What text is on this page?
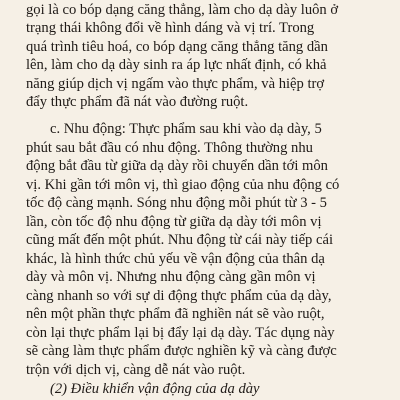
gọi là co bóp dạng căng thẳng, làm cho dạ dày luôn ở
trạng thái không đổi về hình dáng và vị trí. Trong
quá trình tiêu hoá, co bóp dạng căng thẳng tăng dần
lên, làm cho dạ dày sinh ra áp lực nhất định, có khả
năng giúp dịch vị ngấm vào thực phẩm, và hiệp trợ
đẩy thực phẩm đã nát vào đường ruột.
c. Nhu động: Thực phẩm sau khi vào dạ dày, 5
phút sau bắt đầu có nhu động. Thông thường nhu
động bắt đầu từ giữa dạ dày rồi chuyển dần tới môn
vị. Khi gần tới môn vị, thì giao động của nhu động có
tốc độ càng mạnh. Sóng nhu động mỗi phút từ 3 - 5
lần, còn tốc độ nhu động từ giữa dạ dày tới môn vị
cũng mất đến một phút. Nhu động từ cái này tiếp cái
khác, là hình thức chủ yếu về vận động của thân dạ
dày và môn vị. Nhưng nhu động càng gần môn vị
càng nhanh so với sự di động thực phẩm của dạ dày,
nên một phần thực phẩm đã nghiền nát sẽ vào ruột,
còn lại thực phẩm lại bị đẩy lại dạ dày. Tác dụng này
sẽ càng làm thực phẩm được nghiền kỹ và càng được
trộn với dịch vị, càng dễ nát vào ruột.
(2) Điều khiển vận động của dạ dày
